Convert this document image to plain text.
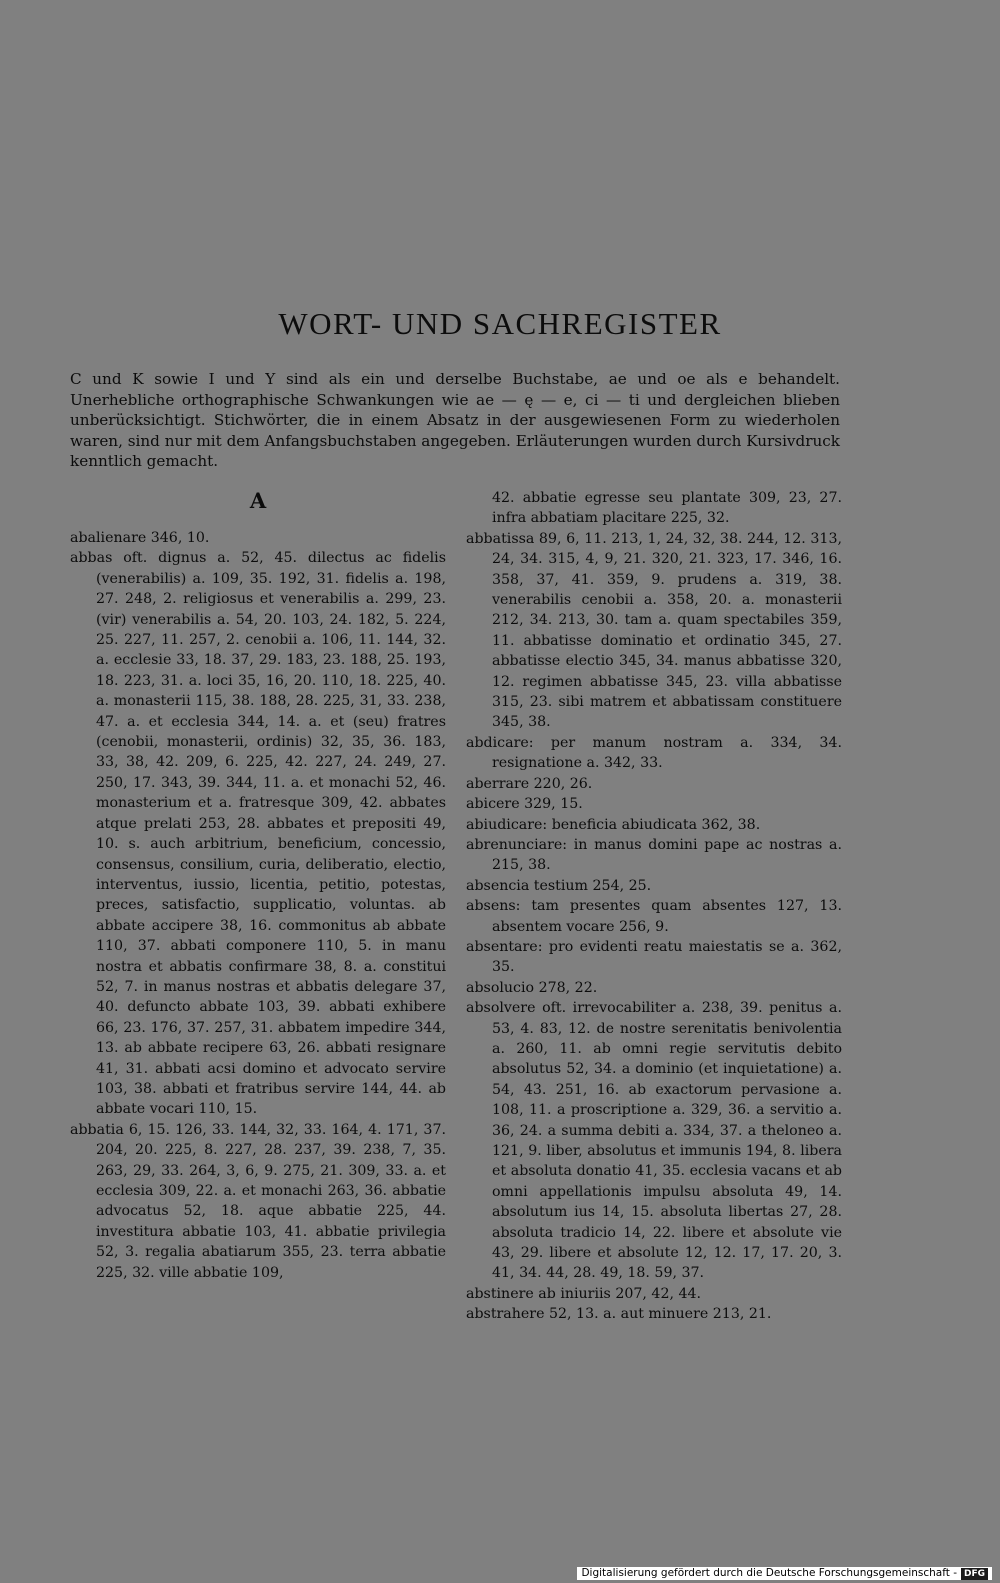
WORT- UND SACHREGISTER
C und K sowie I und Y sind als ein und derselbe Buchstabe, ae und oe als e behandelt. Unerhebliche orthographische Schwankungen wie ae — ę — e, ci — ti und dergleichen blieben unberücksichtigt. Stichwörter, die in einem Absatz in der ausgewiesenen Form zu wiederholen waren, sind nur mit dem Anfangsbuchstaben angegeben. Erläuterungen wurden durch Kursivdruck kenntlich gemacht.
A

abalienare 346, 10.

abbas oft. dignus a. 52, 45. dilectus ac fidelis (venerabilis) a. 109, 35. 192, 31. fidelis a. 198, 27. 248, 2. religiosus et venerabilis a. 299, 23. (vir) venerabilis a. 54, 20. 103, 24. 182, 5. 224, 25. 227, 11. 257, 2. cenobii a. 106, 11. 144, 32. a. ecclesie 33, 18. 37, 29. 183, 23. 188, 25. 193, 18. 223, 31. a. loci 35, 16, 20. 110, 18. 225, 40. a. monasterii 115, 38. 188, 28. 225, 31, 33. 238, 47. a. et ecclesia 344, 14. a. et (seu) fratres (cenobii, monasterii, ordinis) 32, 35, 36. 183, 33, 38, 42. 209, 6. 225, 42. 227, 24. 249, 27. 250, 17. 343, 39. 344, 11. a. et monachi 52, 46. monasterium et a. fratresque 309, 42. abbates atque prelati 253, 28. abbates et prepositi 49, 10. s. auch arbitrium, beneficium, concessio, consensus, consilium, curia, deliberatio, electio, interventus, iussio, licentia, petitio, potestas, preces, satisfactio, supplicatio, voluntas. ab abbate accipere 38, 16. commonitus ab abbate 110, 37. abbati componere 110, 5. in manu nostra et abbatis confirmare 38, 8. a. constitui 52, 7. in manus nostras et abbatis delegare 37, 40. defuncto abbate 103, 39. abbati exhibere 66, 23. 176, 37. 257, 31. abbatem impedire 344, 13. ab abbate recipere 63, 26. abbati resignare 41, 31. abbati acsi domino et advocato servire 103, 38. abbati et fratribus servire 144, 44. ab abbate vocari 110, 15.

abbatia 6, 15. 126, 33. 144, 32, 33. 164, 4. 171, 37. 204, 20. 225, 8. 227, 28. 237, 39. 238, 7, 35. 263, 29, 33. 264, 3, 6, 9. 275, 21. 309, 33. a. et ecclesia 309, 22. a. et monachi 263, 36. abbatie advocatus 52, 18. aque abbatie 225, 44. investitura abbatie 103, 41. abbatie privilegia 52, 3. regalia abatiarum 355, 23. terra abbatie 225, 32. ville abbatie 109,

42. abbatie egresse seu plantate 309, 23, 27. infra abbatiam placitare 225, 32.

abbatissa 89, 6, 11. 213, 1, 24, 32, 38. 244, 12. 313, 24, 34. 315, 4, 9, 21. 320, 21. 323, 17. 346, 16. 358, 37, 41. 359, 9. prudens a. 319, 38. venerabilis cenobii a. 358, 20. a. monasterii 212, 34. 213, 30. tam a. quam spectabiles 359, 11. abbatisse dominatio et ordinatio 345, 27. abbatisse electio 345, 34. manus abbatisse 320, 12. regimen abbatisse 345, 23. villa abbatisse 315, 23. sibi matrem et abbatissam constituere 345, 38.

abdicare: per manum nostram a. 334, 34. resignatione a. 342, 33.

aberrare 220, 26.

abicere 329, 15.

abiudicare: beneficia abiudicata 362, 38.

abrenunciare: in manus domini pape ac nostras a. 215, 38.

absencia testium 254, 25.

absens: tam presentes quam absentes 127, 13. absentem vocare 256, 9.

absentare: pro evidenti reatu maiestatis se a. 362, 35.

absolucio 278, 22.

absolvere oft. irrevocabiliter a. 238, 39. penitus a. 53, 4. 83, 12. de nostre serenitatis benivolentia a. 260, 11. ab omni regie servitutis debito absolutus 52, 34. a dominio (et inquietatione) a. 54, 43. 251, 16. ab exactorum pervasione a. 108, 11. a proscriptione a. 329, 36. a servitio a. 36, 24. a summa debiti a. 334, 37. a theloneo a. 121, 9. liber, absolutus et immunis 194, 8. libera et absoluta donatio 41, 35. ecclesia vacans et ab omni appellationis impulsu absoluta 49, 14. absolutum ius 14, 15. absoluta libertas 27, 28. absoluta tradicio 14, 22. libere et absolute vie 43, 29. libere et absolute 12, 12. 17, 17. 20, 3. 41, 34. 44, 28. 49, 18. 59, 37.

abstinere ab iniuriis 207, 42, 44.

abstrahere 52, 13. a. aut minuere 213, 21.

Digitalisierung gefördert durch die Deutsche Forschungsgemeinschaft - DFG
